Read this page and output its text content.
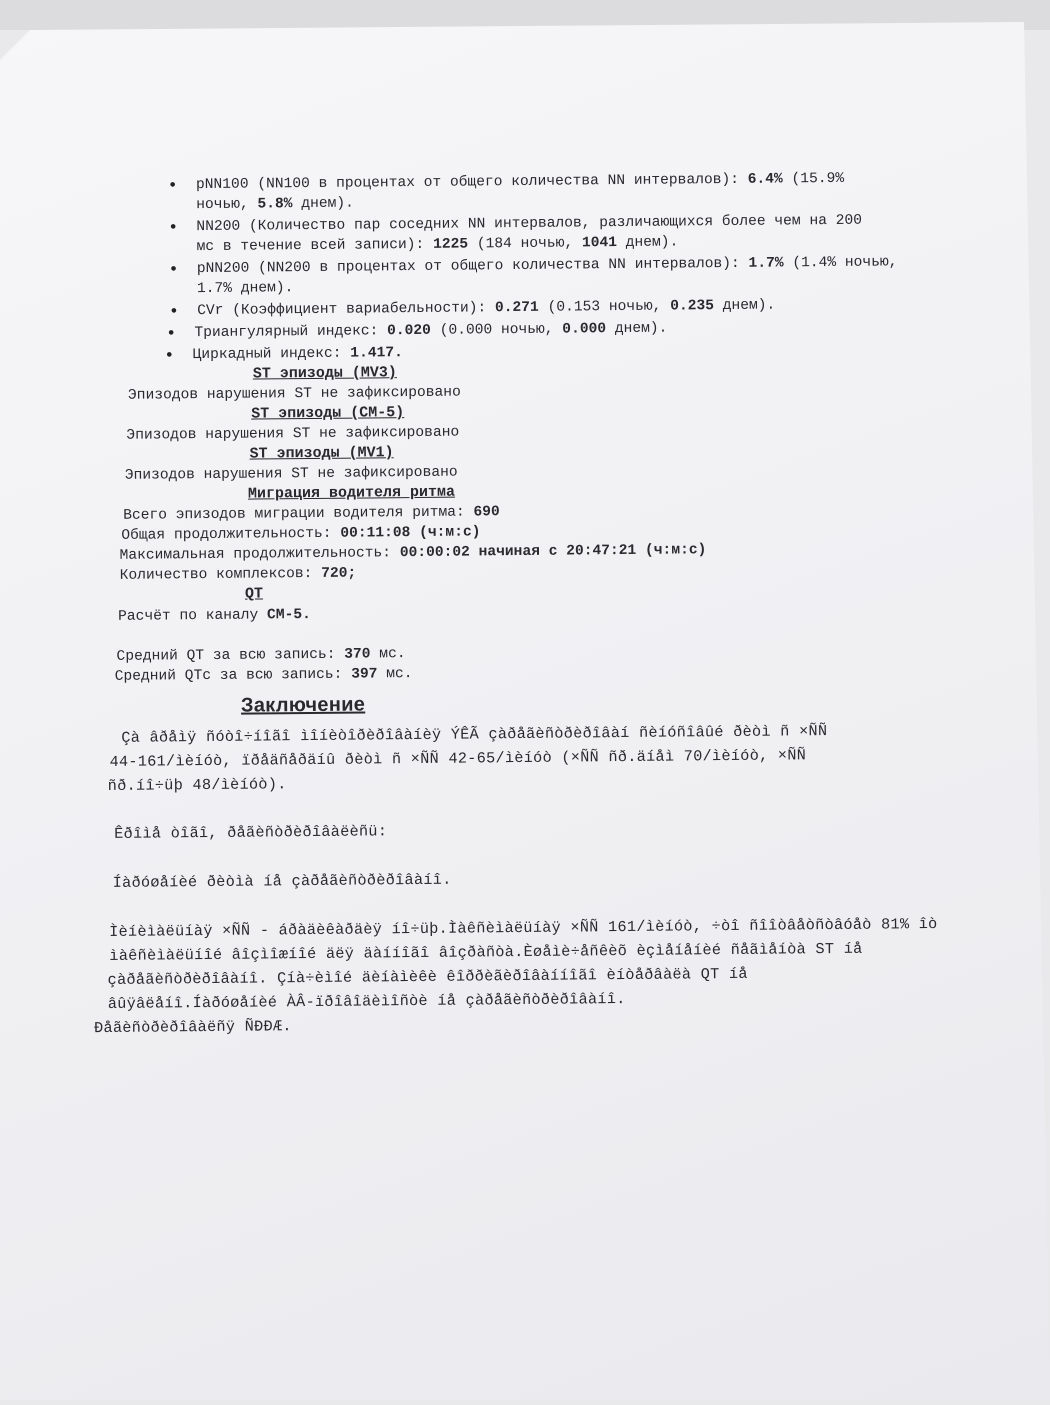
• pNN100 (NN100 в процентах от общего количества NN интервалов): 6.4% (15.9%
ночью, 5.8% днем).
• NN200 (Количество пар соседних NN интервалов, различающихся более чем на 200
мс в течение всей записи): 1225 (184 ночью, 1041 днем).
• pNN200 (NN200 в процентах от общего количества NN интервалов): 1.7% (1.4% ночью,
1.7% днем).
• CVr (Коэффициент вариабельности): 0.271 (0.153 ночью, 0.235 днем).
• Триангулярный индекс: 0.020 (0.000 ночью, 0.000 днем).
• Циркадный индекс: 1.417.
ST эпизоды (MV3)
Эпизодов нарушения ST не зафиксировано
ST эпизоды (CM-5)
Эпизодов нарушения ST не зафиксировано
ST эпизоды (MV1)
Эпизодов нарушения ST не зафиксировано
Миграция водителя ритма
Всего эпизодов миграции водителя ритма: 690
Общая продолжительность: 00:11:08 (ч:м:с)
Максимальная продолжительность: 00:00:02 начиная с 20:47:21 (ч:м:с)
Количество комплексов: 720;
QT
Расчёт по каналу CM-5.
Средний QT за всю запись: 370 мс.
Средний QTc за всю запись: 397 мс.
Заключение
Çà âðåìÿ ñóòî÷íîãî ìîíèòîðèðîâàíèÿ ÝÊÃ çàðåãèñòðèðîâàí ñèíóñîâûé ðèòì ñ ×ÑÑ
44-161/ìèíóò, ïðåäñåðäíû ðèòì ñ ×ÑÑ 42-65/ìèíóò (×ÑÑ ñð.äíåì 70/ìèíóò, ×ÑÑ
ñð.íî÷üþ 48/ìèíóò).
Êðîìå òîãî, ðåãèñòðèðîâàëèñü:
Íàðóøåíèé ðèòìà íå çàðåãèñòðèðîâàíî.
Ìèíèìàëüíàÿ ×ÑÑ - áðàäèêàðäèÿ íî÷üþ.Ìàêñèìàëüíàÿ ×ÑÑ 161/ìèíóò, ÷òî ñîîòâåòñòâóåò 81% îò
ìàêñèìàëüíîé âîçìîæíîé äëÿ äàííîãî âîçðàñòà.Èøåìè÷åñêèõ èçìåíåíèé ñåãìåíòà ST íå
çàðåãèñòðèðîâàíî. Çíà÷èìîé äèíàìèêè êîððèãèðîâàííîãî èíòåðâàëà QT íå
âûÿâëåíî.Íàðóøåíèé ÀÂ-ïðîâîäèìîñòè íå çàðåãèñòðèðîâàíî.
Ðåãèñòðèðîâàëñÿ ÑÐÐÆ.
